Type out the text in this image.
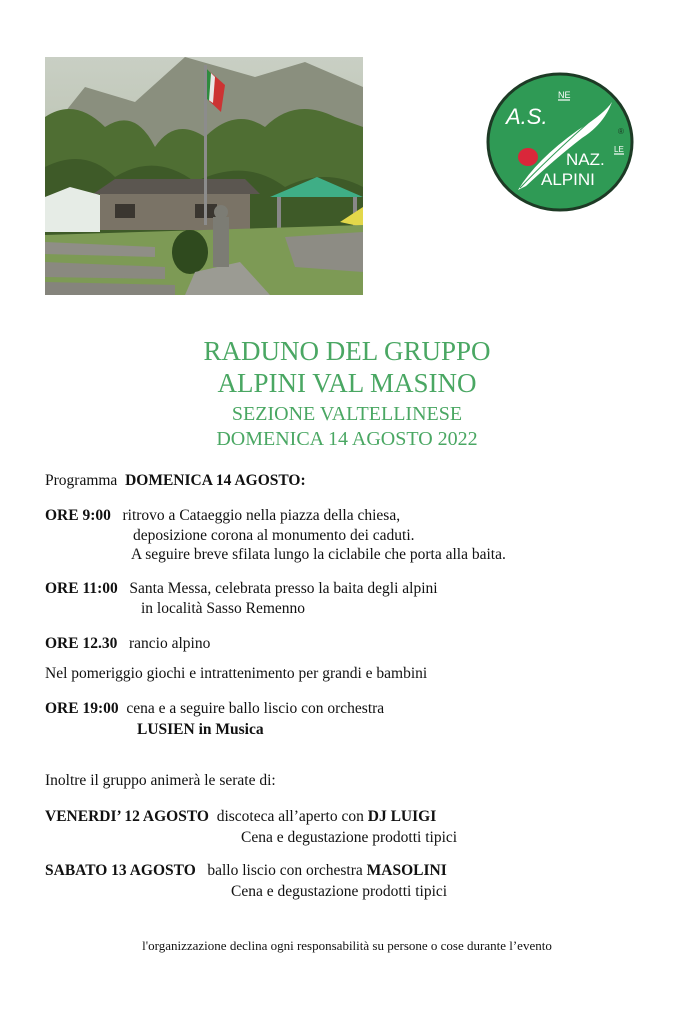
A.S.
NE
NAZ.
LE
ALPINI
®
RADUNO DEL GRUPPO
ALPINI VAL MASINO
SEZIONE VALTELLINESE
DOMENICA 14 AGOSTO 2022
Programma DOMENICA 14 AGOSTO:
ORE 9:00 ritrovo a Cataeggio nella piazza della chiesa,
deposizione corona al monumento dei caduti.
A seguire breve sfilata lungo la ciclabile che porta alla baita.
ORE 11:00 Santa Messa, celebrata presso la baita degli alpini
in località Sasso Remenno
ORE 12.30 rancio alpino
Nel pomeriggio giochi e intrattenimento per grandi e bambini
ORE 19:00 cena e a seguire ballo liscio con orchestra
LUSIEN in Musica
Inoltre il gruppo animerà le serate di:
VENERDI’ 12 AGOSTO discoteca all’aperto con DJ LUIGI
Cena e degustazione prodotti tipici
SABATO 13 AGOSTO ballo liscio con orchestra MASOLINI
Cena e degustazione prodotti tipici
l'organizzazione declina ogni responsabilità su persone o cose durante l’evento
